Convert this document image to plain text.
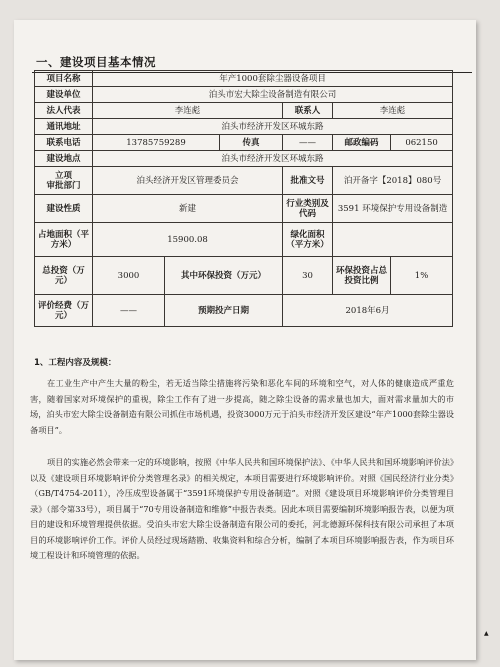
一、建设项目基本情况
项目名称	年产1000套除尘器设备项目					
建设单位	泊头市宏大除尘设备制造有限公司					
法人代表	李连彪			联系人	李连彪	
通讯地址	泊头市经济开发区环城东路					
联系电话	13785759289		传真	——	邮政编码	062150
建设地点	泊头市经济开发区环城东路					
立项
审批部门	泊头经济开发区管理委员会			批准文号	泊开备字【2018】080号	
建设性质	新建			行业类别及代码	3591 环境保护专用设备制造	
占地面积（平方米）	15900.08			绿化面积（平方米）		
总投资（万元）	3000	其中环保投资（万元）		30	环保投资占总投资比例	1%
评价经费（万元）	——	预期投产日期		2018年6月		
1、工程内容及规模：
在工业生产中产生大量的粉尘，若无适当除尘措施将污染和恶化车间的环境和空气，对人体的健康造成严重危害，随着国家对环境保护的重视，除尘工作有了进一步提高，随之除尘设备的需求量也加大，面对需求量加大的市场，泊头市宏大除尘设备制造有限公司抓住市场机遇，投资3000万元于泊头市经济开发区建设“年产1000套除尘器设备项目”。
项目的实施必然会带来一定的环境影响，按照《中华人民共和国环境保护法》、《中华人民共和国环境影响评价法》以及《建设项目环境影响评价分类管理名录》的相关规定，本项目需要进行环境影响评价。对照《国民经济行业分类》（GB/T4754-2011），冷压成型设备属于“3591环境保护专用设备制造”。对照《建设项目环境影响评价分类管理目录》（部令第33号），项目属于“70专用设备制造和维修”中报告表类。因此本项目需要编制环境影响报告表，以便为项目的建设和环境管理提供依据。受泊头市宏大除尘设备制造有限公司的委托，河北德源环保科技有限公司承担了本项目的环境影响评价工作。评价人员经过现场踏勘、收集资料和综合分析，编制了本项目环境影响报告表，作为项目环境工程设计和环境管理的依据。
▲
